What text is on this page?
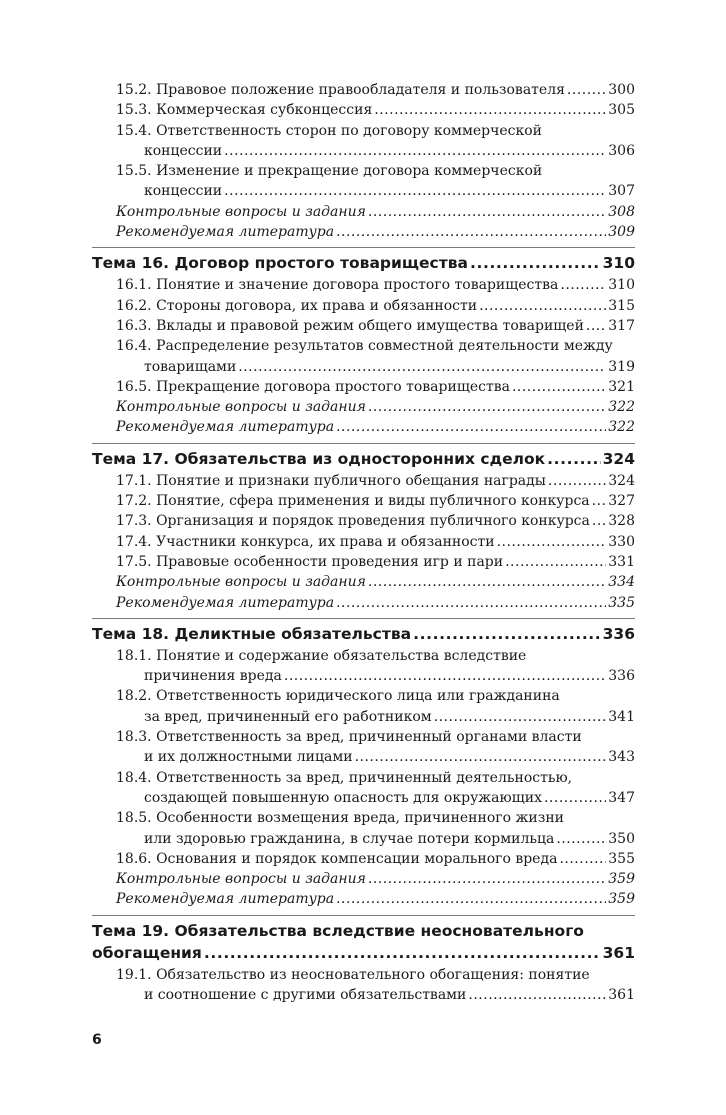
15.2. Правовое положение правообладателя и пользователя .....	300
15.3. Коммерческая субконцессия .....	305
15.4. Ответственность сторон по договору коммерческой
концессии .....	306
15.5. Изменение и прекращение договора коммерческой
концессии .....	307
Контрольные вопросы и задания .....	308
Рекомендуемая литература .....	309
Тема 16. Договор простого товарищества .....	310
16.1. Понятие и значение договора простого товарищества .....	310
16.2. Стороны договора, их права и обязанности .....	315
16.3. Вклады и правовой режим общего имущества товарищей ..... 317
16.4. Распределение результатов совместной деятельности между
товарищами .....	319
16.5. Прекращение договора простого товарищества .....	321
Контрольные вопросы и задания .....	322
Рекомендуемая литература .....	322
Тема 17. Обязательства из односторонних сделок .....	324
17.1. Понятие и признаки публичного обещания награды .....	324
17.2. Понятие, сфера применения и виды публичного конкурса ..... 327
17.3. Организация и порядок проведения публичного конкурса ..... 328
17.4. Участники конкурса, их права и обязанности .....	330
17.5. Правовые особенности проведения игр и пари .....	331
Контрольные вопросы и задания .....	334
Рекомендуемая литература .....	335
Тема 18. Деликтные обязательства .....	336
18.1. Понятие и содержание обязательства вследствие
причинения вреда .....	336
18.2. Ответственность юридического лица или гражданина
за вред, причиненный его работником .....	341
18.3. Ответственность за вред, причиненный органами власти
и их должностными лицами .....	343
18.4. Ответственность за вред, причиненный деятельностью,
создающей повышенную опасность для окружающих .....	347
18.5. Особенности возмещения вреда, причиненного жизни
или здоровью гражданина, в случае потери кормильца .....	350
18.6. Основания и порядок компенсации морального вреда .....	355
Контрольные вопросы и задания .....	359
Рекомендуемая литература .....	359
Тема 19. Обязательства вследствие неосновательного
обогащения .....	361
19.1. Обязательство из неосновательного обогащения: понятие
и соотношение с другими обязательствами .....	361
6
